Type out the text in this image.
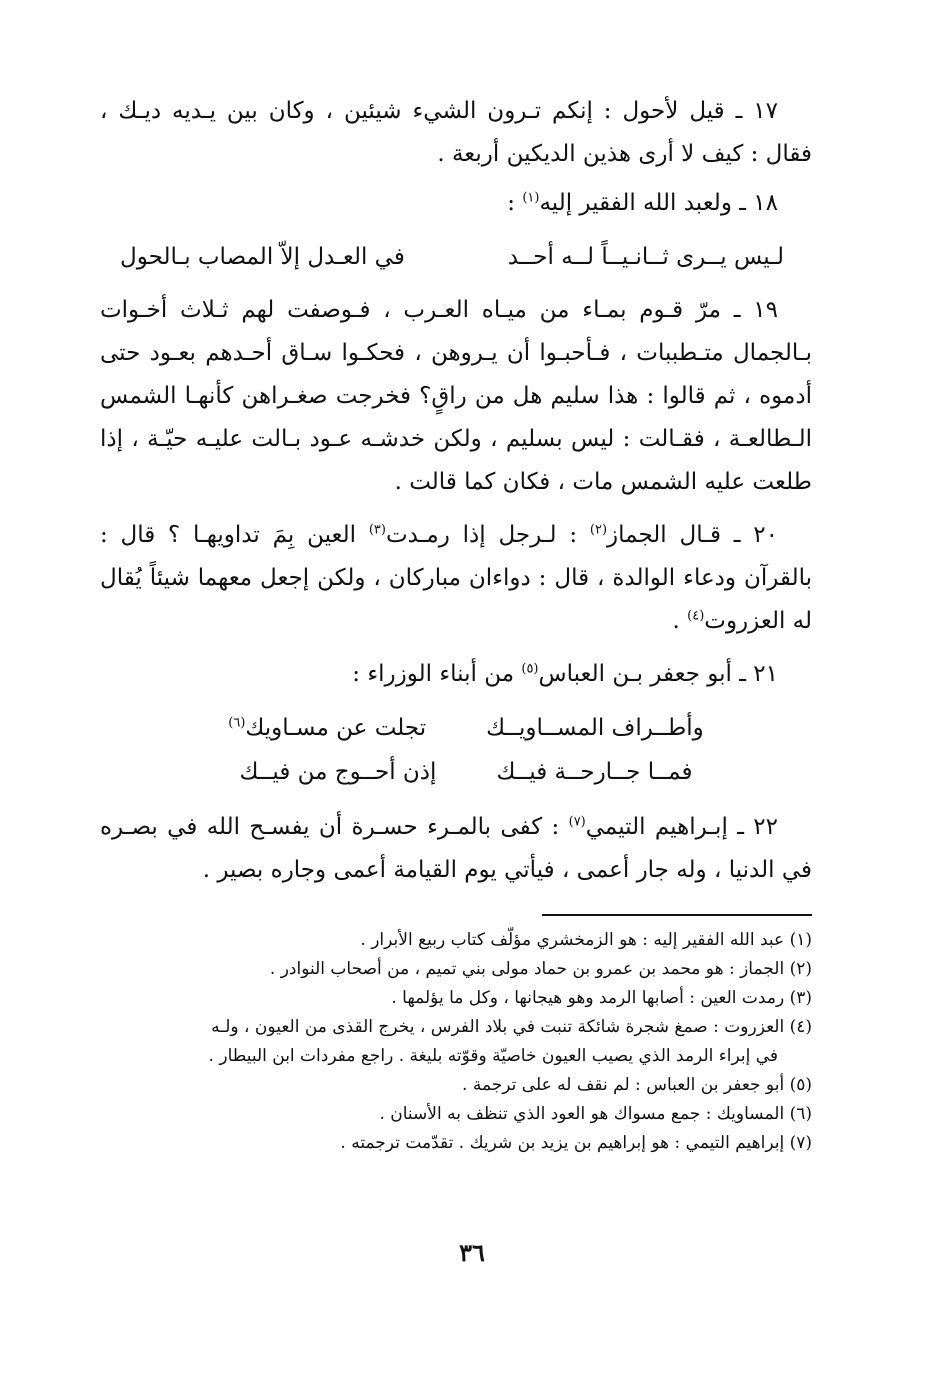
١٧ ـ قيل لأحول : إنكم تـرون الشيء شيئين ، وكان بين يـديه ديـك ، فقال : كيف لا أرى هذين الديكين أربعة .

١٨ ـ ولعبد الله الفقير إليه$^{(١)}$ :

لـيس يــرى ثــانـيــاً لــه أحــد
في العـدل إلاّ المصاب بـالحول

١٩ ـ مرّ قـوم بمـاء من ميـاه العـرب ، فـوصفت لهم ثـلاث أخـوات بـالجمال متـطببات ، فـأحبـوا أن يـروهن ، فحكـوا سـاق أحـدهم بعـود حتى أدموه ، ثم قالوا : هذا سليم هل من راقٍ؟ فخرجت صغـراهن كأنهـا الشمس الـطالعـة ، فقـالت : ليس بسليم ، ولكن خدشـه عـود بـالت عليـه حيّـة ، إذا طلعت عليه الشمس مات ، فكان كما قالت .

٢٠ ـ قـال الجماز$^{(٢)}$ : لـرجل إذا رمـدت$^{(٣)}$ العين بِمَ تداويهـا ؟ قال : بالقرآن ودعاء الوالدة ، قال : دواءان مباركان ، ولكن إجعل معهما شيئاً يُقال له العزروت$^{(٤)}$ .

٢١ ـ أبو جعفر بـن العباس$^{(٥)}$ من أبناء الوزراء :

وأطــراف المســاويــك
تجلت عن مسـاويك$^{(٦)}$
فمــا جــارحــة فيــك
إذن أحــوج من فيــك

٢٢ ـ إبـراهيم التيمي$^{(٧)}$ : كفى بالمـرء حسـرة أن يفسـح الله في بصـره في الدنيا ، وله جار أعمى ، فيأتي يوم القيامة أعمى وجاره بصير .

(١) عبد الله الفقير إليه : هو الزمخشري مؤلّف كتاب ربيع الأبرار .

(٢) الجماز : هو محمد بن عمرو بن حماد مولى بني تميم ، من أصحاب النوادر .

(٣) رمدت العين : أصابها الرمد وهو هيجانها ، وكل ما يؤلمها .

(٤) العزروت : صمغ شجرة شائكة تنبت في بلاد الفرس ، يخرج القذى من العيون ، ولـه
في إبراء الرمد الذي يصيب العيون خاصيّة وقوّته بليغة . راجع مفردات ابن البيطار .

(٥) أبو جعفر بن العباس : لم نقف له على ترجمة .

(٦) المساويك : جمع مسواك هو العود الذي تنظف به الأسنان .

(٧) إبراهيم التيمي : هو إبراهيم بن يزيد بن شريك . تقدّمت ترجمته .

٣٦
